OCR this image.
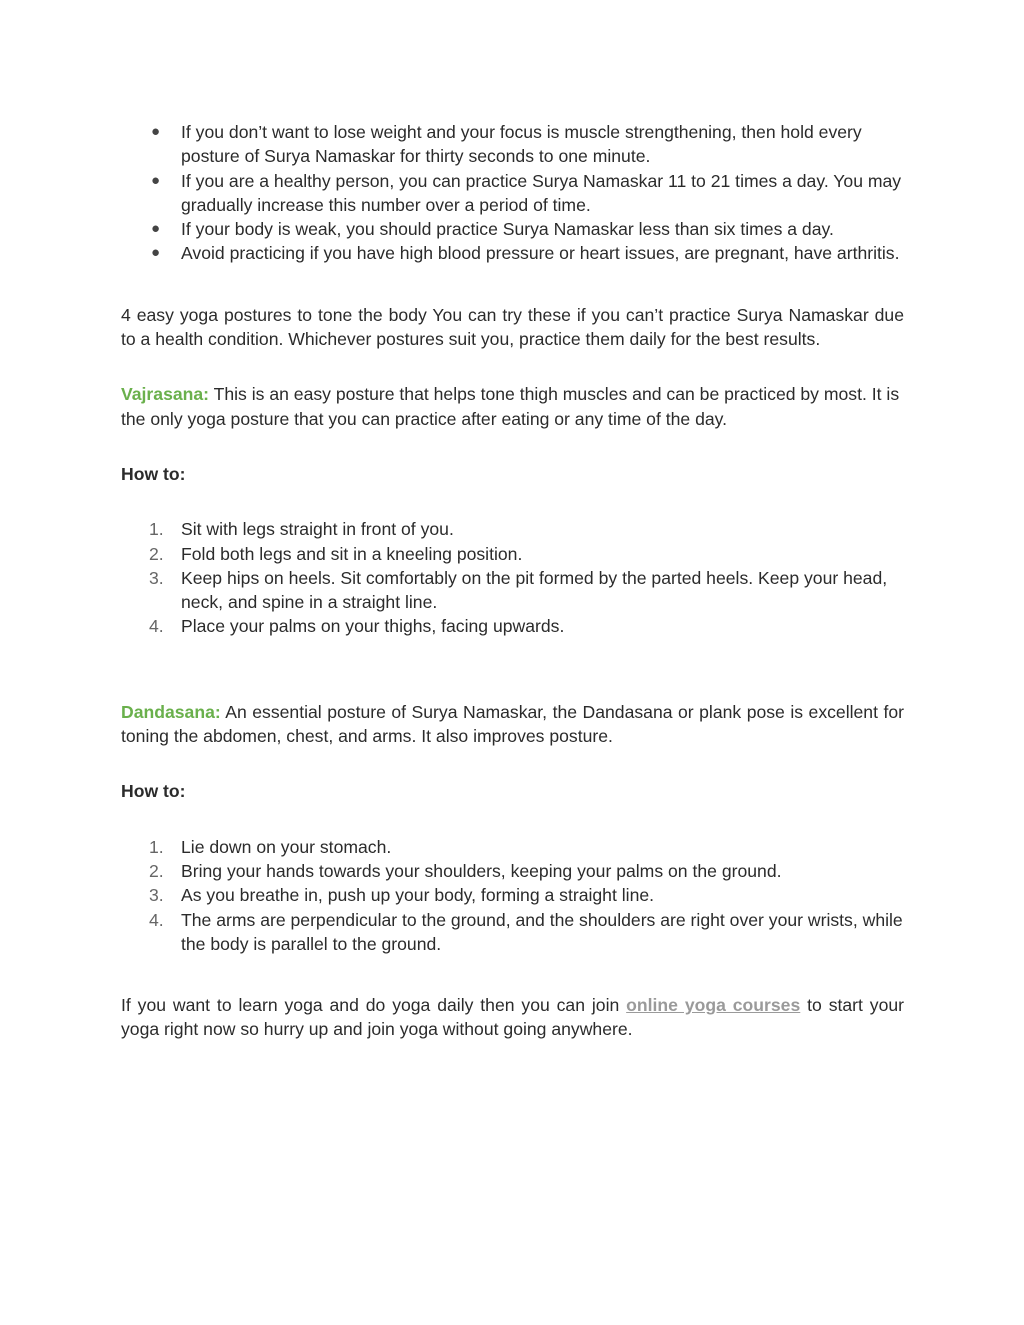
● If you don’t want to lose weight and your focus is muscle strengthening, then hold every posture of Surya Namaskar for thirty seconds to one minute.
● If you are a healthy person, you can practice Surya Namaskar 11 to 21 times a day. You may gradually increase this number over a period of time.
● If your body is weak, you should practice Surya Namaskar less than six times a day.
● Avoid practicing if you have high blood pressure or heart issues, are pregnant, have arthritis.

4 easy yoga postures to tone the body You can try these if you can’t practice Surya Namaskar due to a health condition. Whichever postures suit you, practice them daily for the best results.

Vajrasana: This is an easy posture that helps tone thigh muscles and can be practiced by most. It is the only yoga posture that you can practice after eating or any time of the day.

How to:

1. Sit with legs straight in front of you.
2. Fold both legs and sit in a kneeling position.
3. Keep hips on heels. Sit comfortably on the pit formed by the parted heels. Keep your head, neck, and spine in a straight line.
4. Place your palms on your thighs, facing upwards.

Dandasana: An essential posture of Surya Namaskar, the Dandasana or plank pose is excellent for toning the abdomen, chest, and arms. It also improves posture.

How to:

1. Lie down on your stomach.
2. Bring your hands towards your shoulders, keeping your palms on the ground.
3. As you breathe in, push up your body, forming a straight line.
4. The arms are perpendicular to the ground, and the shoulders are right over your wrists, while the body is parallel to the ground.

If you want to learn yoga and do yoga daily then you can join online yoga courses to start your yoga right now so hurry up and join yoga without going anywhere.
